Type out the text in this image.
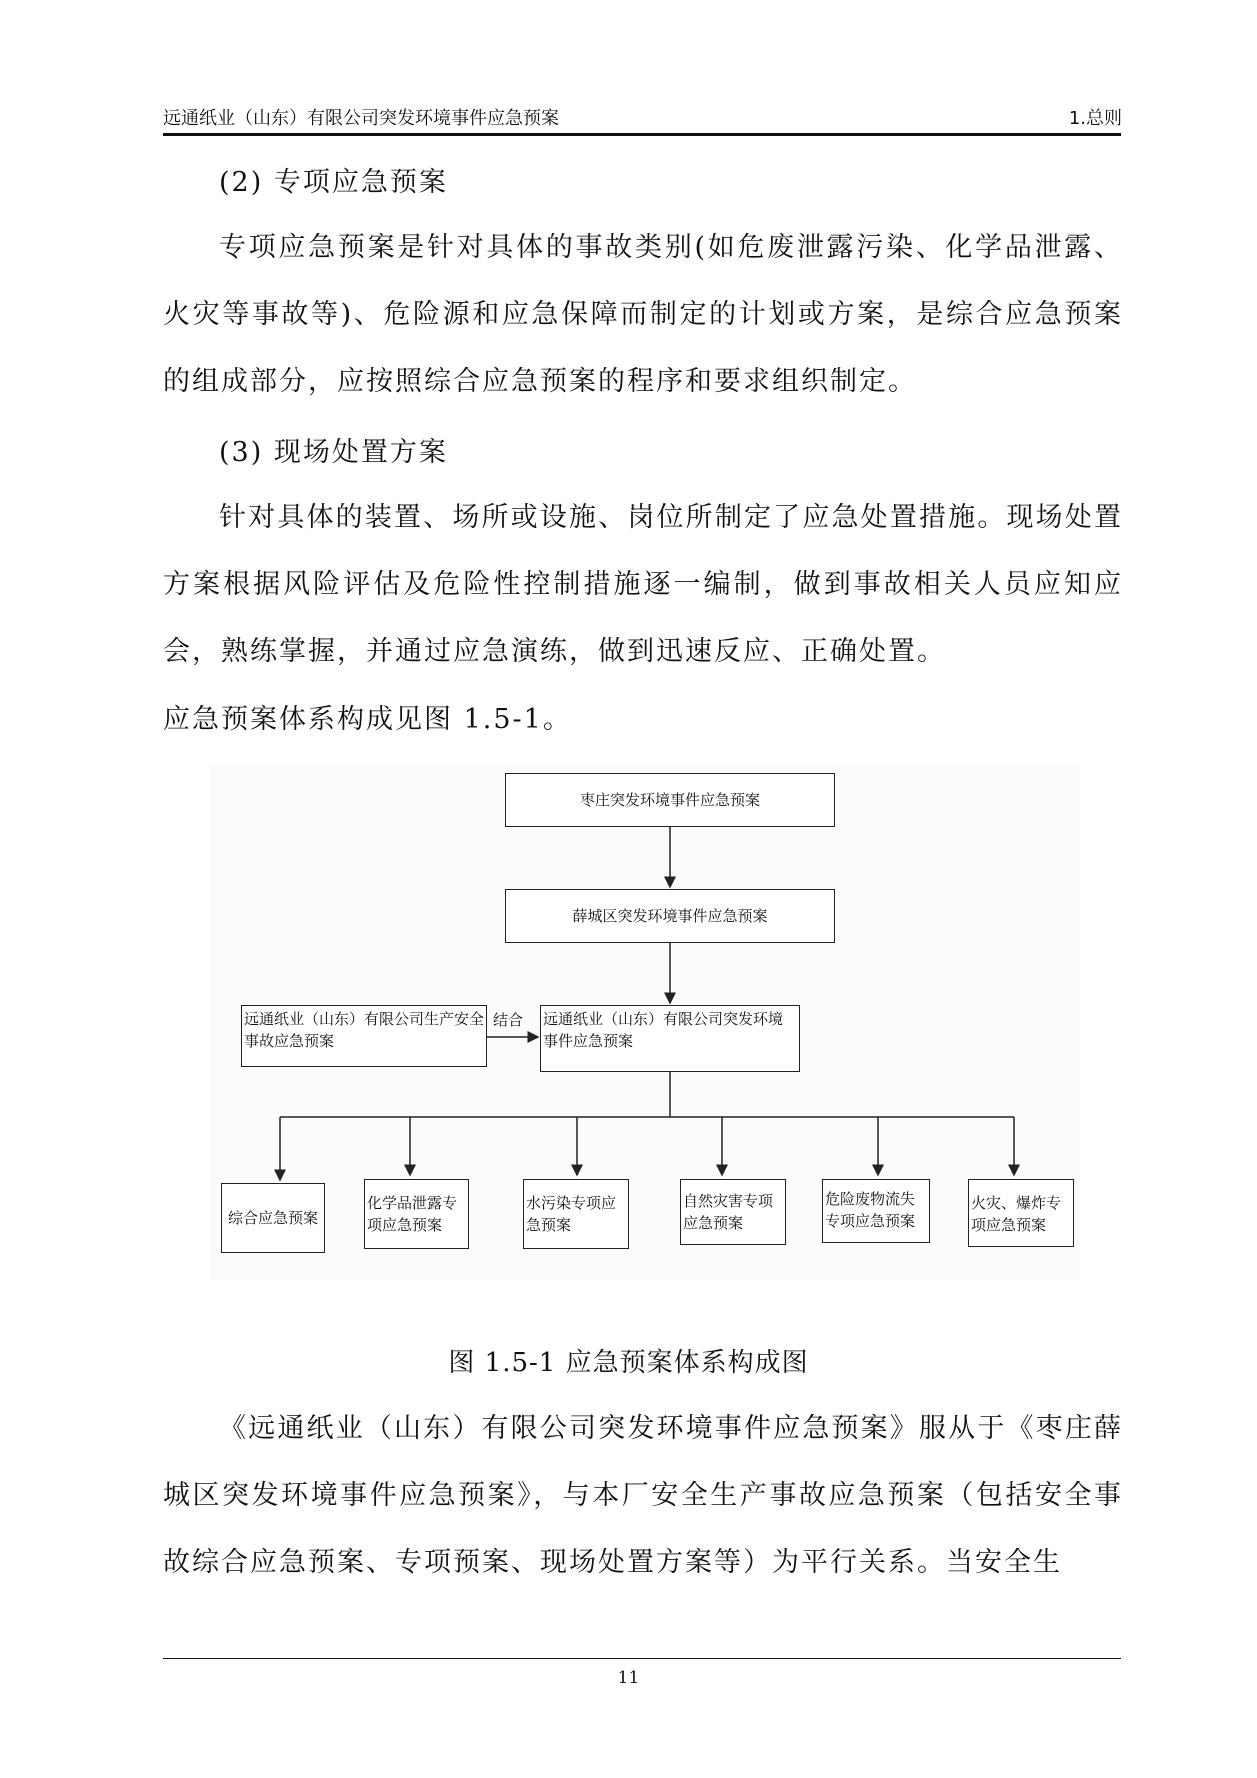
远通纸业（山东）有限公司突发环境事件应急预案	1.总则
(2) 专项应急预案

专项应急预案是针对具体的事故类别(如危废泄露污染、化学品泄露、火灾等事故等)、危险源和应急保障而制定的计划或方案，是综合应急预案的组成部分，应按照综合应急预案的程序和要求组织制定。

(3) 现场处置方案

针对具体的装置、场所或设施、岗位所制定了应急处置措施。现场处置方案根据风险评估及危险性控制措施逐一编制，做到事故相关人员应知应会，熟练掌握，并通过应急演练，做到迅速反应、正确处置。

应急预案体系构成见图 1.5-1。

枣庄突发环境事件应急预案
薛城区突发环境事件应急预案
远通纸业（山东）有限公司生产安全事故应急预案
结合 远通纸业（山东）有限公司突发环境事件应急预案
综合应急预案
化学品泄露专项应急预案
水污染专项应急预案
自然灾害专项应急预案
危险废物流失专项应急预案
火灾、爆炸专项应急预案
图 1.5-1 应急预案体系构成图

《远通纸业（山东）有限公司突发环境事件应急预案》服从于《枣庄薛城区突发环境事件应急预案》，与本厂安全生产事故应急预案（包括安全事故综合应急预案、专项预案、现场处置方案等）为平行关系。当安全生

11
